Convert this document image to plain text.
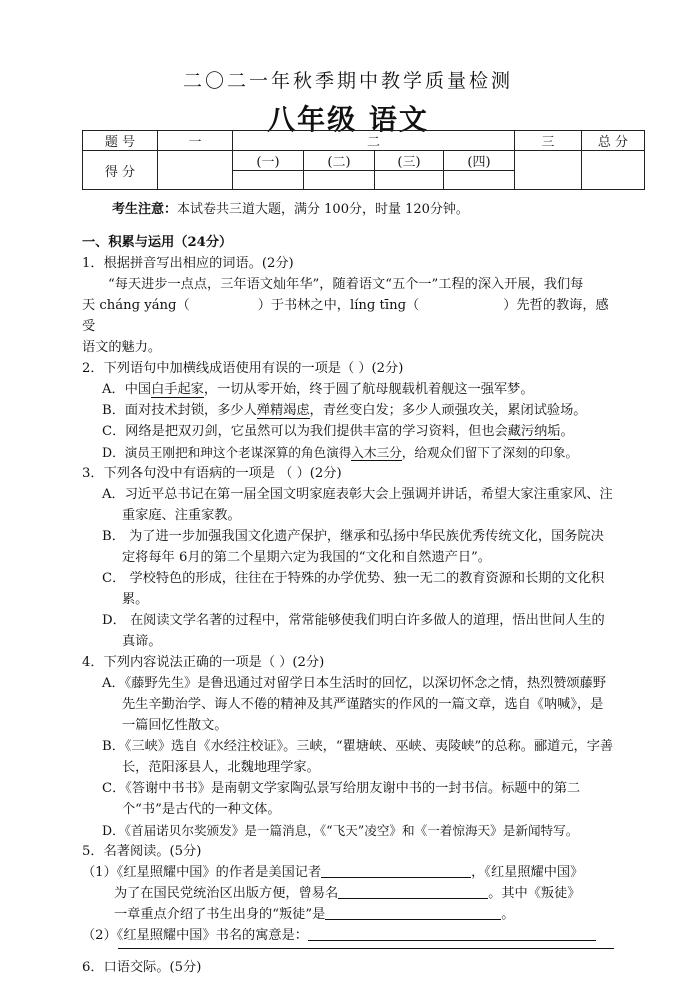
二〇二一年秋季期中教学质量检测
八年级 语文
题 号	一	二				三	总 分
得 分		(一)	(二)	(三)	(四)		

考生注意：本试卷共三道大题，满分 100分，时量 120分钟。

一、积累与运用（24分）

1．根据拼音写出相应的词语。(2分)

“每天进步一点点，三年语文灿年华”，随着语文“五个一”工程的深入开展，我们每

天 chánɡ yánɡ（	）于书林之中，línɡ tīnɡ（	）先哲的教诲，感受

语文的魅力。

2．下列语句中加横线成语使用有误的一项是（ ）(2分)

A．中国白手起家，一切从零开始，终于圆了航母舰载机着舰这一强军梦。

B．面对技术封锁，多少人殚精竭虑，青丝变白发；多少人顽强攻关，累闭试验场。

C．网络是把双刃剑，它虽然可以为我们提供丰富的学习资料，但也会藏污纳垢。

D．演员王刚把和珅这个老谋深算的角色演得入木三分，给观众们留下了深刻的印象。

3．下列各句没中有语病的一项是 （ ）(2分)

A．习近平总书记在第一届全国文明家庭表彰大会上强调并讲话，希望大家注重家风、注重家庭、注重家教。

B． 为了进一步加强我国文化遗产保护，继承和弘扬中华民族优秀传统文化，国务院决定将每年 6月的第二个星期六定为我国的“文化和自然遗产日”。

C． 学校特色的形成，往往在于特殊的办学优势、独一无二的教育资源和长期的文化积累。

D． 在阅读文学名著的过程中，常常能够使我们明白许多做人的道理，悟出世间人生的真谛。

4．下列内容说法正确的一项是（ ）(2分)

A．《藤野先生》是鲁迅通过对留学日本生活时的回忆，以深切怀念之情，热烈赞颂藤野先生辛勤治学、诲人不倦的精神及其严谨踏实的作风的一篇文章，选自《呐喊》，是一篇回忆性散文。

B．《三峡》选自《水经注校证》。三峡，“瞿塘峡、巫峡、夷陵峡”的总称。郦道元，字善长，范阳涿县人，北魏地理学家。

C．《答谢中书书》是南朝文学家陶弘景写给朋友谢中书的一封书信。标题中的第二个“书”是古代的一种文体。

D．《首届诺贝尔奖颁发》是一篇消息，《“飞天”凌空》和《一着惊海天》是新闻特写。

5．名著阅读。(5分)

（1）《红星照耀中国》的作者是美国记者	，《红星照耀中国》
为了在国民党统治区出版方便，曾易名	。其中《叛徒》
一章重点介绍了书生出身的“叛徒”是	。

（2）《红星照耀中国》书名的寓意是：

6．口语交际。(5分)
